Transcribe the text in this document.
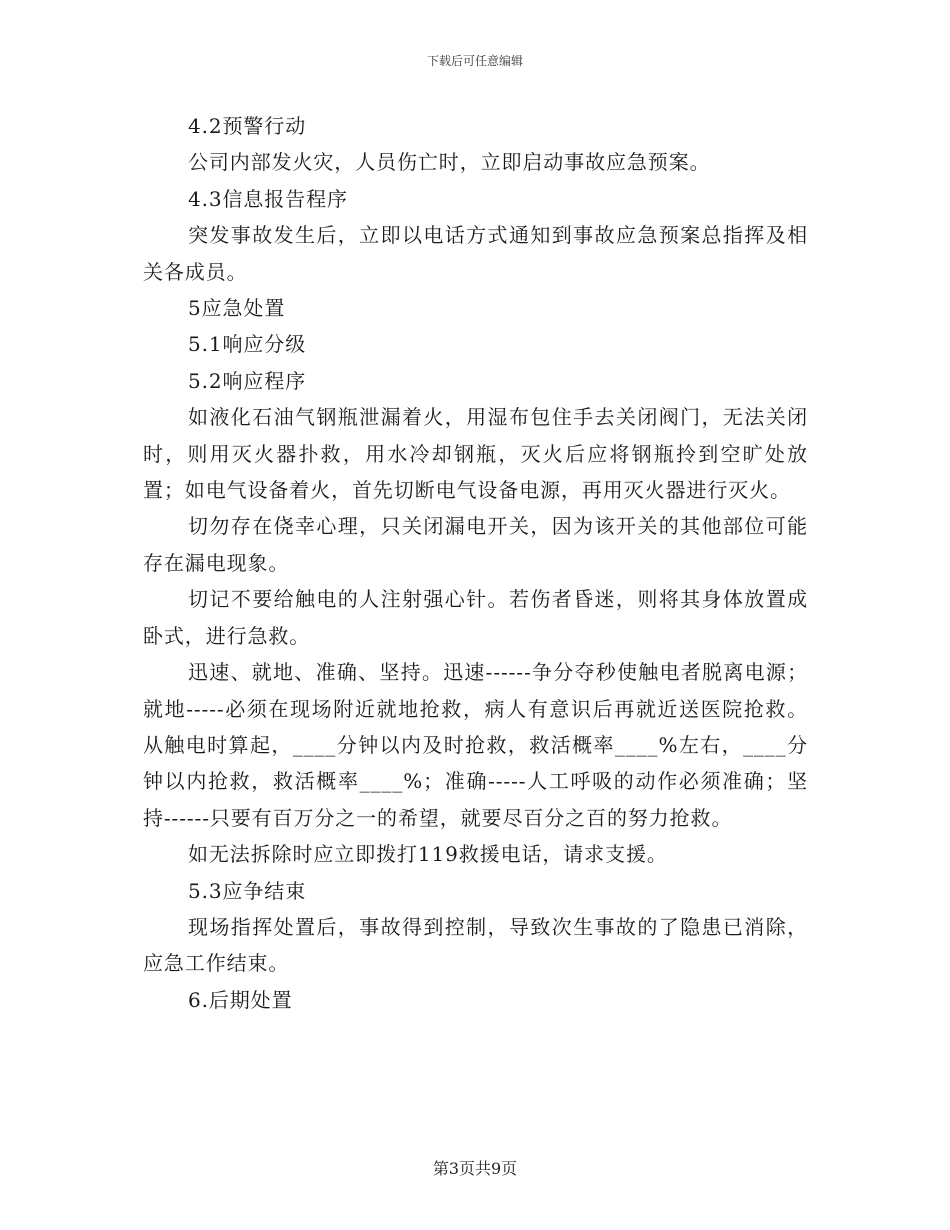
下载后可任意编辑

4.2预警行动

公司内部发火灾，人员伤亡时，立即启动事故应急预案。

4.3信息报告程序

突发事故发生后，立即以电话方式通知到事故应急预案总指挥及相关各成员。

5应急处置

5.1响应分级

5.2响应程序

如液化石油气钢瓶泄漏着火，用湿布包住手去关闭阀门，无法关闭时，则用灭火器扑救，用水冷却钢瓶，灭火后应将钢瓶拎到空旷处放置；如电气设备着火，首先切断电气设备电源，再用灭火器进行灭火。

切勿存在侥幸心理，只关闭漏电开关，因为该开关的其他部位可能存在漏电现象。

切记不要给触电的人注射强心针。若伤者昏迷，则将其身体放置成卧式，进行急救。

迅速、就地、准确、坚持。迅速------争分夺秒使触电者脱离电源；就地-----必须在现场附近就地抢救，病人有意识后再就近送医院抢救。从触电时算起，____分钟以内及时抢救，救活概率____%左右，____分钟以内抢救，救活概率____%；准确-----人工呼吸的动作必须准确；坚持------只要有百万分之一的希望，就要尽百分之百的努力抢救。

如无法拆除时应立即拨打119救援电话，请求支援。

5.3应争结束

现场指挥处置后，事故得到控制，导致次生事故的了隐患已消除，应急工作结束。

6.后期处置

第3页共9页
